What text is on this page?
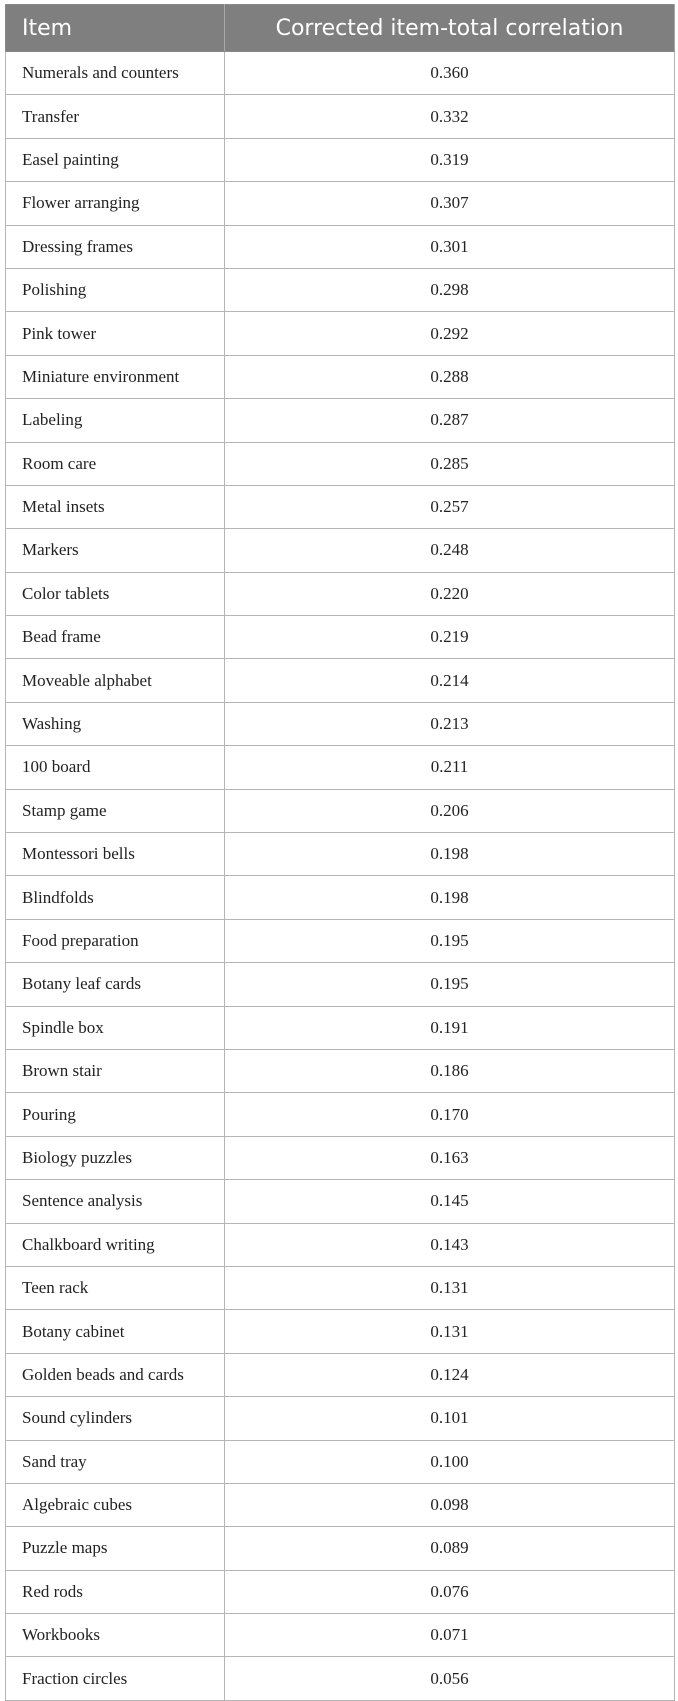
Item	Corrected item-total correlation
Numerals and counters	0.360
Transfer	0.332
Easel painting	0.319
Flower arranging	0.307
Dressing frames	0.301
Polishing	0.298
Pink tower	0.292
Miniature environment	0.288
Labeling	0.287
Room care	0.285
Metal insets	0.257
Markers	0.248
Color tablets	0.220
Bead frame	0.219
Moveable alphabet	0.214
Washing	0.213
100 board	0.211
Stamp game	0.206
Montessori bells	0.198
Blindfolds	0.198
Food preparation	0.195
Botany leaf cards	0.195
Spindle box	0.191
Brown stair	0.186
Pouring	0.170
Biology puzzles	0.163
Sentence analysis	0.145
Chalkboard writing	0.143
Teen rack	0.131
Botany cabinet	0.131
Golden beads and cards	0.124
Sound cylinders	0.101
Sand tray	0.100
Algebraic cubes	0.098
Puzzle maps	0.089
Red rods	0.076
Workbooks	0.071
Fraction circles	0.056
